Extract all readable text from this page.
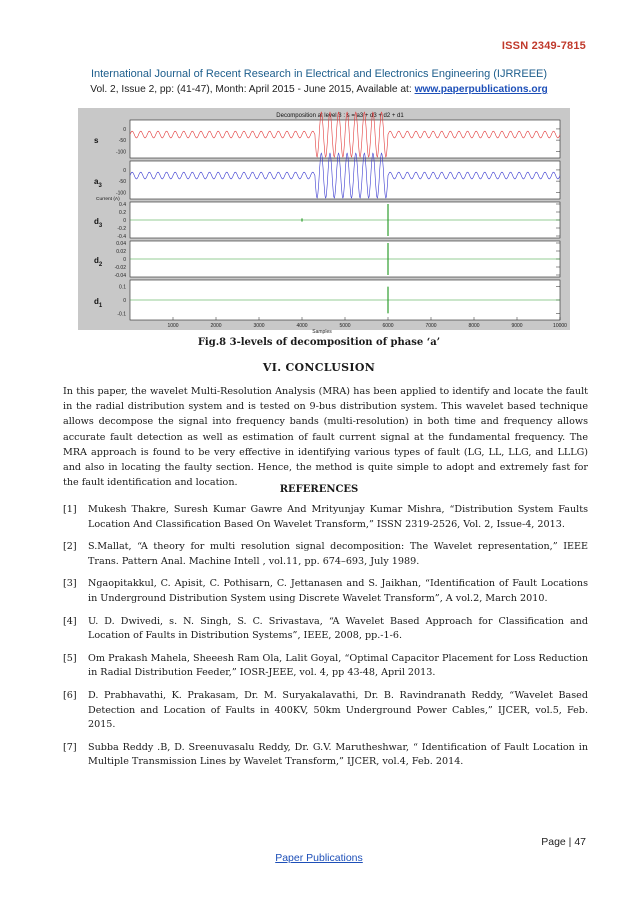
ISSN 2349-7815
International Journal of Recent Research in Electrical and Electronics Engineering (IJRREEE)
Vol. 2, Issue 2, pp: (41-47), Month: April 2015 - June 2015, Available at: www.paperpublications.org
Decomposition at level 3 : s = a3 + d3 + d2 + d1
0
-50
-100
s
0
-50
-100
$a_3$
0.4
0.2
0
-0.2
-0.4
$d_3$
0.04
0.02
0
-0.02
-0.04
$d_2$
0.1
0
-0.1
$d_1$
Current (A)
1000	2000	3000	4000	5000	6000	7000	8000	9000	10000
Samples
Fig.8 3-levels of decomposition of phase ‘a’
VI. CONCLUSION
In this paper, the wavelet Multi-Resolution Analysis (MRA) has been applied to identify and locate the fault in the radial distribution system and is tested on 9-bus distribution system. This wavelet based technique allows decompose the signal into frequency bands (multi-resolution) in both time and frequency allows accurate fault detection as well as estimation of fault current signal at the fundamental frequency. The MRA approach is found to be very effective in identifying various types of fault (LG, LL, LLG, and LLLG) and also in locating the faulty section. Hence, the method is quite simple to adopt and extremely fast for the fault identification and location.
REFERENCES
[1] Mukesh Thakre, Suresh Kumar Gawre And Mrityunjay Kumar Mishra, “Distribution System Faults Location And Classification Based On Wavelet Transform,” ISSN 2319-2526, Vol. 2, Issue-4, 2013.
[2] S.Mallat, “A theory for multi resolution signal decomposition: The Wavelet representation,” IEEE Trans. Pattern Anal. Machine Intell , vol.11, pp. 674–693, July 1989.
[3] Ngaopitakkul, C. Apisit, C. Pothisarn, C. Jettanasen and S. Jaikhan, “Identification of Fault Locations in Underground Distribution System using Discrete Wavelet Transform”, A vol.2, March 2010.
[4] U. D. Dwivedi, s. N. Singh, S. C. Srivastava, “A Wavelet Based Approach for Classification and Location of Faults in Distribution Systems”, IEEE, 2008, pp.-1-6.
[5] Om Prakash Mahela, Sheeesh Ram Ola, Lalit Goyal, “Optimal Capacitor Placement for Loss Reduction in Radial Distribution Feeder,” IOSR-JEEE, vol. 4, pp 43-48, April 2013.
[6] D. Prabhavathi, K. Prakasam, Dr. M. Suryakalavathi, Dr. B. Ravindranath Reddy, “Wavelet Based Detection and Location of Faults in 400KV, 50km Underground Power Cables,” IJCER, vol.5, Feb. 2015.
[7] Subba Reddy .B, D. Sreenuvasalu Reddy, Dr. G.V. Marutheshwar, “ Identification of Fault Location in Multiple Transmission Lines by Wavelet Transform,” IJCER, vol.4, Feb. 2014.
Page | 47
Paper Publications
